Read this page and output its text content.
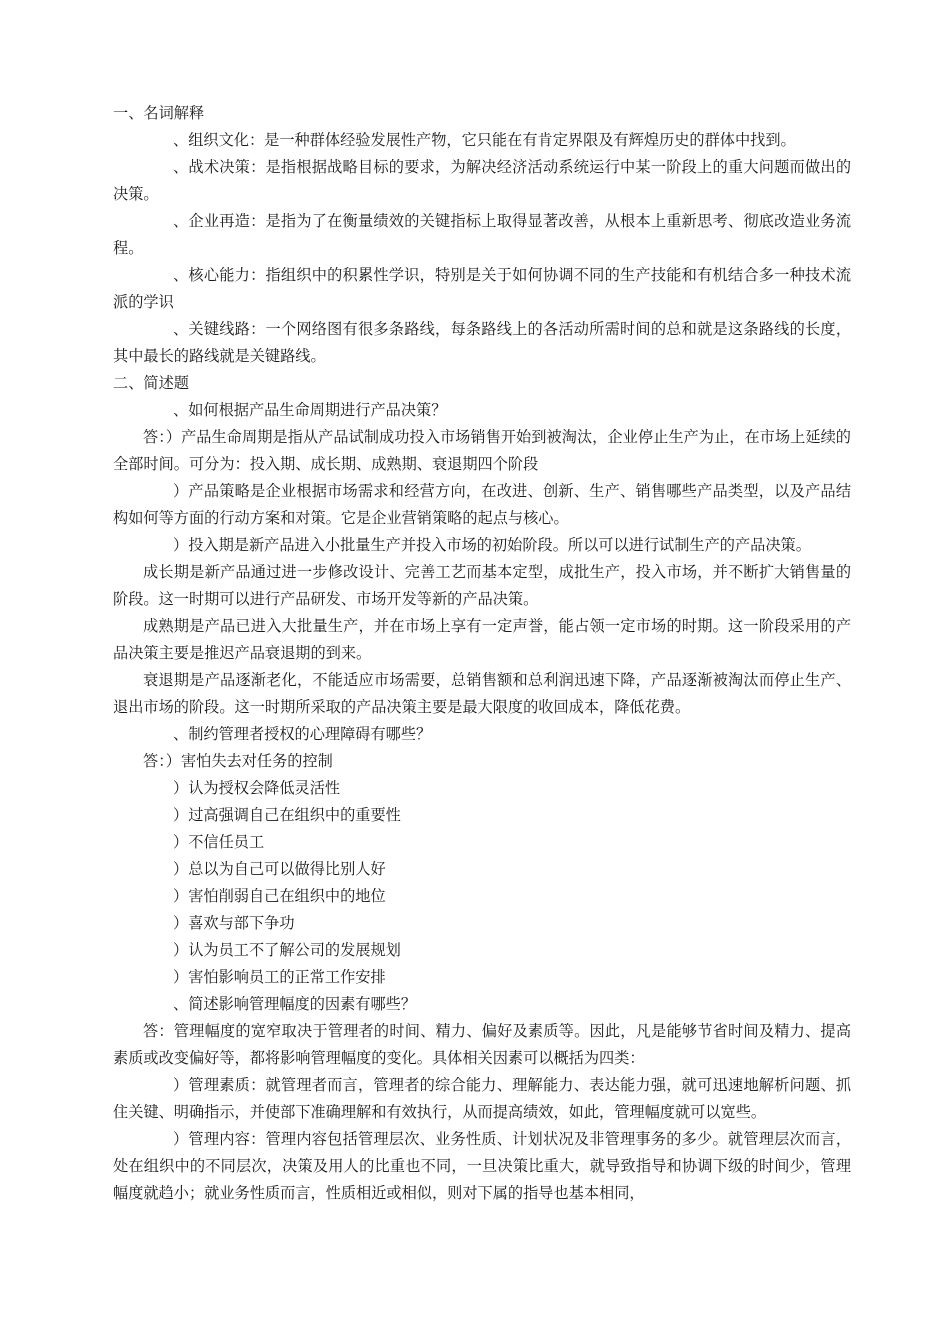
一、名词解释

、组织文化：是一种群体经验发展性产物，它只能在有肯定界限及有辉煌历史的群体中找到。

、战术决策：是指根据战略目标的要求，为解决经济活动系统运行中某一阶段上的重大问题而做出的决策。

、企业再造：是指为了在衡量绩效的关键指标上取得显著改善，从根本上重新思考、彻底改造业务流程。

、核心能力：指组织中的积累性学识，特别是关于如何协调不同的生产技能和有机结合多一种技术流派的学识

、关键线路：一个网络图有很多条路线，每条路线上的各活动所需时间的总和就是这条路线的长度，其中最长的路线就是关键路线。

二、简述题

、如何根据产品生命周期进行产品决策？

答：）产品生命周期是指从产品试制成功投入市场销售开始到被淘汰，企业停止生产为止，在市场上延续的全部时间。可分为：投入期、成长期、成熟期、衰退期四个阶段

）产品策略是企业根据市场需求和经营方向，在改进、创新、生产、销售哪些产品类型，以及产品结构如何等方面的行动方案和对策。它是企业营销策略的起点与核心。

）投入期是新产品进入小批量生产并投入市场的初始阶段。所以可以进行试制生产的产品决策。

成长期是新产品通过进一步修改设计、完善工艺而基本定型，成批生产，投入市场，并不断扩大销售量的阶段。这一时期可以进行产品研发、市场开发等新的产品决策。

成熟期是产品已进入大批量生产，并在市场上享有一定声誉，能占领一定市场的时期。这一阶段采用的产品决策主要是推迟产品衰退期的到来。

衰退期是产品逐渐老化，不能适应市场需要，总销售额和总利润迅速下降，产品逐渐被淘汰而停止生产、退出市场的阶段。这一时期所采取的产品决策主要是最大限度的收回成本，降低花费。

、制约管理者授权的心理障碍有哪些？

答：）害怕失去对任务的控制

）认为授权会降低灵活性

）过高强调自己在组织中的重要性

）不信任员工

）总以为自己可以做得比别人好

）害怕削弱自己在组织中的地位

）喜欢与部下争功

）认为员工不了解公司的发展规划

）害怕影响员工的正常工作安排

、简述影响管理幅度的因素有哪些？

答：管理幅度的宽窄取决于管理者的时间、精力、偏好及素质等。因此，凡是能够节省时间及精力、提高素质或改变偏好等，都将影响管理幅度的变化。具体相关因素可以概括为四类：

）管理素质：就管理者而言，管理者的综合能力、理解能力、表达能力强，就可迅速地解析问题、抓住关键、明确指示，并使部下准确理解和有效执行，从而提高绩效，如此，管理幅度就可以宽些。

）管理内容：管理内容包括管理层次、业务性质、计划状况及非管理事务的多少。就管理层次而言，处在组织中的不同层次，决策及用人的比重也不同，一旦决策比重大，就导致指导和协调下级的时间少，管理幅度就趋小；就业务性质而言，性质相近或相似，则对下属的指导也基本相同，
